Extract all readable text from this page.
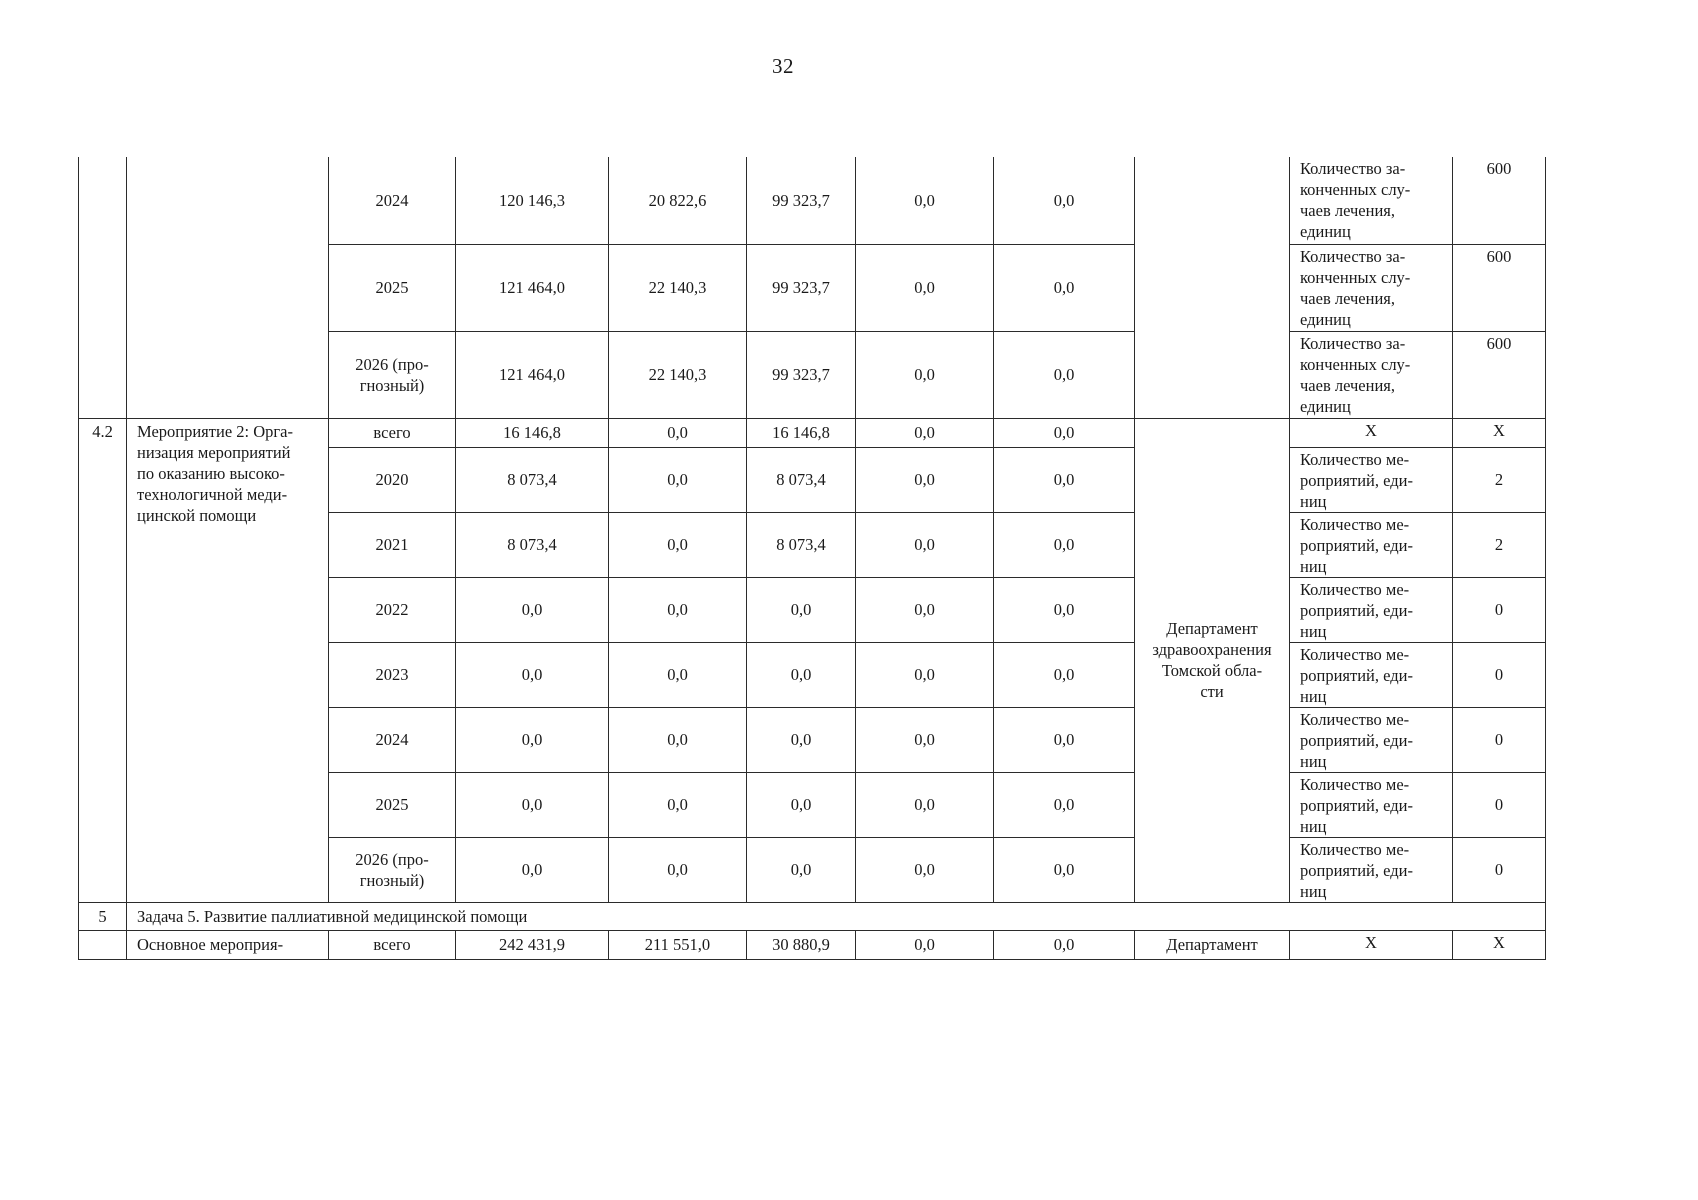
32
		2024	120 146,3	20 822,6	99 323,7	0,0	0,0		Количество за-
конченных слу-
чаев лечения,
единиц	600
		2025	121 464,0	22 140,3	99 323,7	0,0	0,0		Количество за-
конченных слу-
чаев лечения,
единиц	600
		2026 (про-
гнозный)	121 464,0	22 140,3	99 323,7	0,0	0,0		Количество за-
конченных слу-
чаев лечения,
единиц	600
4.2	Мероприятие 2: Орга-
низация мероприятий
по оказанию высоко-
технологичной меди-
цинской помощи	всего	16 146,8	0,0	16 146,8	0,0	0,0	Департамент
здравоохранения
Томской обла-
сти	Х	Х
		2020	8 073,4	0,0	8 073,4	0,0	0,0		Количество ме-
роприятий, еди-
ниц	2
		2021	8 073,4	0,0	8 073,4	0,0	0,0		Количество ме-
роприятий, еди-
ниц	2
		2022	0,0	0,0	0,0	0,0	0,0		Количество ме-
роприятий, еди-
ниц	0
		2023	0,0	0,0	0,0	0,0	0,0		Количество ме-
роприятий, еди-
ниц	0
		2024	0,0	0,0	0,0	0,0	0,0		Количество ме-
роприятий, еди-
ниц	0
		2025	0,0	0,0	0,0	0,0	0,0		Количество ме-
роприятий, еди-
ниц	0
		2026 (про-
гнозный)	0,0	0,0	0,0	0,0	0,0		Количество ме-
роприятий, еди-
ниц	0
5	Задача 5. Развитие паллиативной медицинской помощи									
	Основное мероприя-	всего	242 431,9	211 551,0	30 880,9	0,0	0,0	Департамент	Х	Х
